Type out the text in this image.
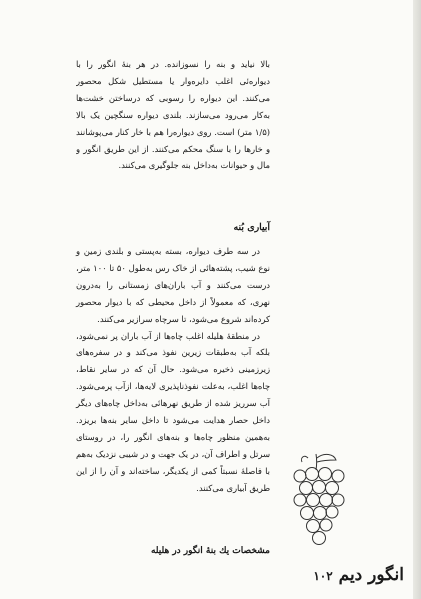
بالا نیاید و بنه را نسوزانده. در هر بنهٔ انگور را با دیواره‌ئی اغلب دایره‌وار یا مستطیل شکل محصور می‌کنند. این دیواره را رسوبی که درساختن خشت‌ها به‌کار می‌رود می‌سازند. بلندی دیواره سنگچین یک بالا (۱/۵ متر) است. روی دیواره‌را هم با خار کنار می‌پوشانند و خارها را با سنگ محکم می‌کنند. از این طریق انگور و مال و حیوانات به‌داخل بنه جلوگیری می‌کنند.

آبیاری بُنه

در سه طرف دیواره، بسته به‌پستی و بلندی زمین و نوع شیب، پشته‌هائی از خاک رس به‌طول ۵۰ تا ۱۰۰ متر، درست می‌کنند و آب باران‌های زمستانی را به‌درون نهری، که معمولاً از داخل محیطی که با دیوار محصور کرده‌اند شروع می‌شود، تا سرچاه سرازیر می‌کنند.

در منطقهٔ هلیله اغلب چاه‌ها از آب باران پر نمی‌شود، بلکه آب به‌طبقات زیرین نفوذ می‌کند و در سفره‌های زیرزمینی ذخیره می‌شود. حال آن که در سایر نقاط، چاه‌ها اغلب، به‌علت نفوذناپذیری لایه‌ها، ازآب پرمی‌شود. آب سرریز شده از طریق نهرهائی به‌داخل چاه‌های دیگر داخل حصار هدایت می‌شود تا داخل سایر بنه‌ها بریزد. به‌همین منظور چاه‌ها و بنه‌های انگور را، در روستای سرتل و اطراف آن، در یک جهت و در شیبی نزدیک به‌هم با فاصلهٔ نسبتاً کمی از یکدیگر، ساخته‌اند و آن را از این طریق آبیاری می‌کنند.

مشخصات یك بنهٔ انگور در هلیله
انگور دیم ۱۰۲
